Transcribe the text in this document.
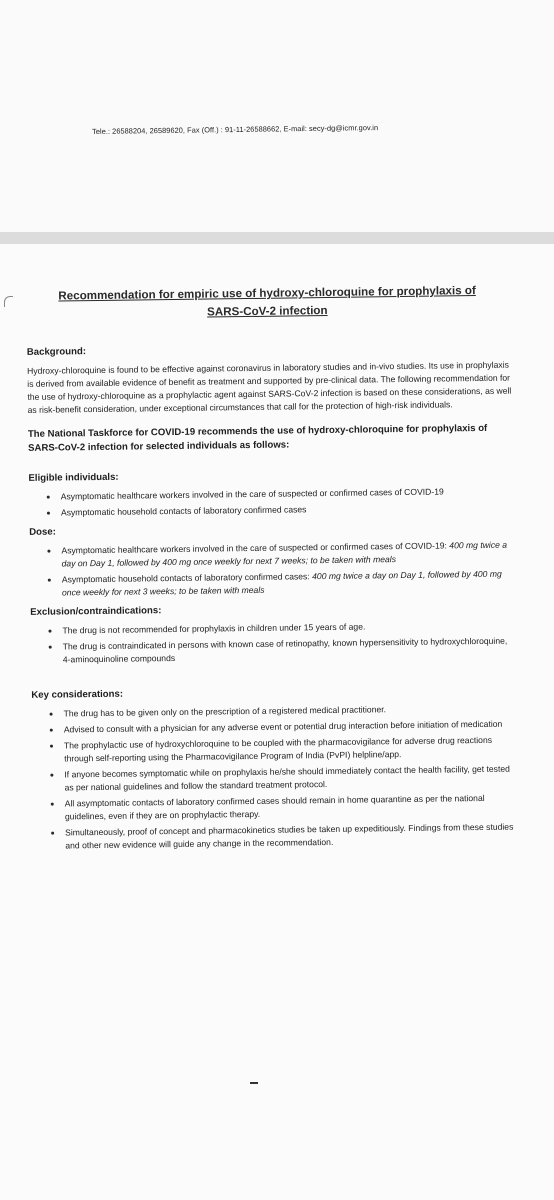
Tele.: 26588204, 26589620, Fax (Off.) : 91-11-26588662, E-mail: secy-dg@icmr.gov.in
Recommendation for empiric use of hydroxy-chloroquine for prophylaxis of
SARS-CoV-2 infection
Background:
Hydroxy-chloroquine is found to be effective against coronavirus in laboratory studies and in-vivo studies. Its use in prophylaxis is derived from available evidence of benefit as treatment and supported by pre-clinical data. The following recommendation for the use of hydroxy-chloroquine as a prophylactic agent against SARS-CoV-2 infection is based on these considerations, as well as risk-benefit consideration, under exceptional circumstances that call for the protection of high-risk individuals.
The National Taskforce for COVID-19 recommends the use of hydroxy-chloroquine for prophylaxis of SARS-CoV-2 infection for selected individuals as follows:
Eligible individuals:
Asymptomatic healthcare workers involved in the care of suspected or confirmed cases of COVID-19
Asymptomatic household contacts of laboratory confirmed cases
Dose:
Asymptomatic healthcare workers involved in the care of suspected or confirmed cases of COVID-19: 400 mg twice a day on Day 1, followed by 400 mg once weekly for next 7 weeks; to be taken with meals
Asymptomatic household contacts of laboratory confirmed cases: 400 mg twice a day on Day 1, followed by 400 mg once weekly for next 3 weeks; to be taken with meals
Exclusion/contraindications:
The drug is not recommended for prophylaxis in children under 15 years of age.
The drug is contraindicated in persons with known case of retinopathy, known hypersensitivity to hydroxychloroquine, 4-aminoquinoline compounds
Key considerations:
The drug has to be given only on the prescription of a registered medical practitioner.
Advised to consult with a physician for any adverse event or potential drug interaction before initiation of medication
The prophylactic use of hydroxychloroquine to be coupled with the pharmacovigilance for adverse drug reactions through self-reporting using the Pharmacovigilance Program of India (PvPI) helpline/app.
If anyone becomes symptomatic while on prophylaxis he/she should immediately contact the health facility, get tested as per national guidelines and follow the standard treatment protocol.
All asymptomatic contacts of laboratory confirmed cases should remain in home quarantine as per the national guidelines, even if they are on prophylactic therapy.
Simultaneously, proof of concept and pharmacokinetics studies be taken up expeditiously. Findings from these studies and other new evidence will guide any change in the recommendation.
